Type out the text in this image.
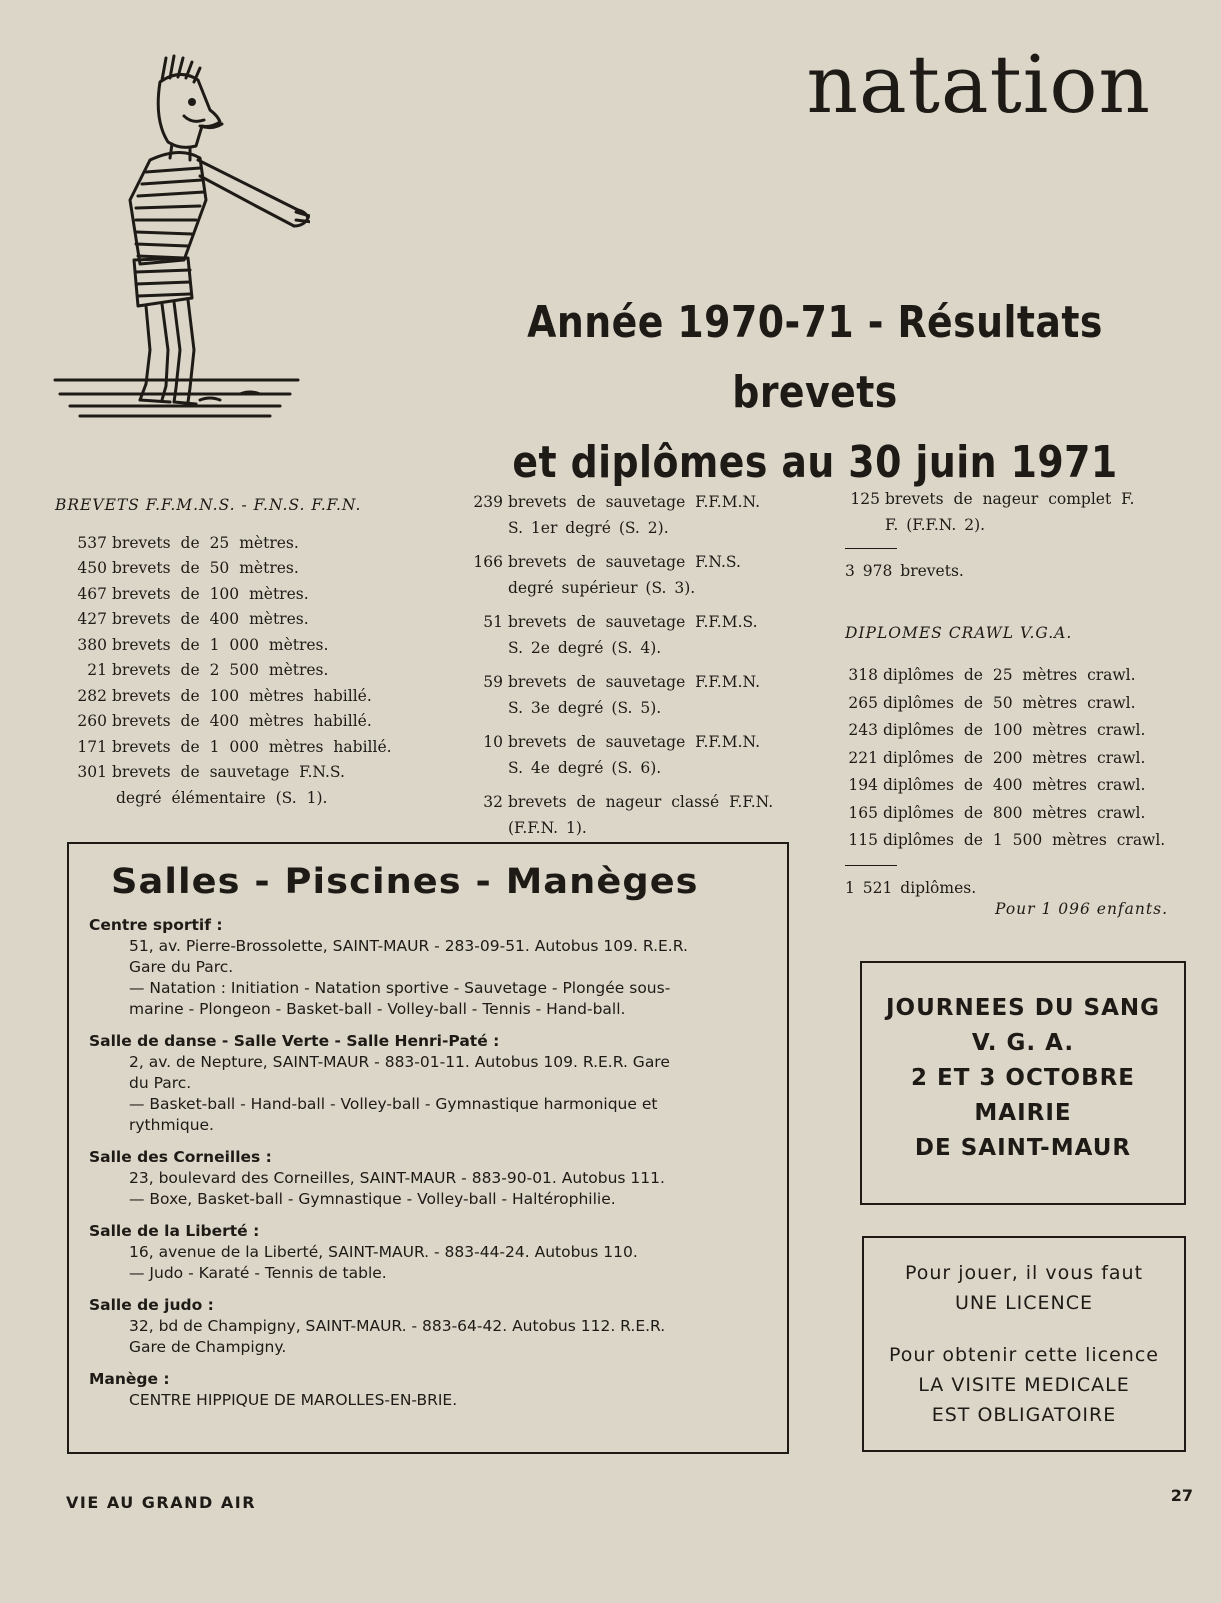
natation
Année 1970-71 - Résultats brevets
et diplômes au 30 juin 1971
BREVETS F.F.M.N.S. - F.N.S. F.F.N.
537 brevets de 25 mètres.
450 brevets de 50 mètres.
467 brevets de 100 mètres.
427 brevets de 400 mètres.
380 brevets de 1 000 mètres.
21 brevets de 2 500 mètres.
282 brevets de 100 mètres habillé.
260 brevets de 400 mètres habillé.
171 brevets de 1 000 mètres habillé.
301 brevets de sauvetage F.N.S.
degré élémentaire (S. 1).
239 brevets de sauvetage F.F.M.N.
S. 1er degré (S. 2).
166 brevets de sauvetage F.N.S.
degré supérieur (S. 3).
51 brevets de sauvetage F.F.M.S.
S. 2e degré (S. 4).
59 brevets de sauvetage F.F.M.N.
S. 3e degré (S. 5).
10 brevets de sauvetage F.F.M.N.
S. 4e degré (S. 6).
32 brevets de nageur classé F.F.N.
(F.F.N. 1).
125 brevets de nageur complet F.
F. (F.F.N. 2).
3 978 brevets.
DIPLOMES CRAWL V.G.A.
318 diplômes de 25 mètres crawl.
265 diplômes de 50 mètres crawl.
243 diplômes de 100 mètres crawl.
221 diplômes de 200 mètres crawl.
194 diplômes de 400 mètres crawl.
165 diplômes de 800 mètres crawl.
115 diplômes de 1 500 mètres crawl.
1 521 diplômes.
Pour 1 096 enfants.
Salles - Piscines - Manèges
Centre sportif :
51, av. Pierre-Brossolette, SAINT-MAUR - 283-09-51. Autobus 109. R.E.R.
Gare du Parc.
— Natation : Initiation - Natation sportive - Sauvetage - Plongée sous-
marine - Plongeon - Basket-ball - Volley-ball - Tennis - Hand-ball.
Salle de danse - Salle Verte - Salle Henri-Paté :
2, av. de Nepture, SAINT-MAUR - 883-01-11. Autobus 109. R.E.R. Gare
du Parc.
— Basket-ball - Hand-ball - Volley-ball - Gymnastique harmonique et
rythmique.
Salle des Corneilles :
23, boulevard des Corneilles, SAINT-MAUR - 883-90-01. Autobus 111.
— Boxe, Basket-ball - Gymnastique - Volley-ball - Haltérophilie.
Salle de la Liberté :
16, avenue de la Liberté, SAINT-MAUR. - 883-44-24. Autobus 110.
— Judo - Karaté - Tennis de table.
Salle de judo :
32, bd de Champigny, SAINT-MAUR. - 883-64-42. Autobus 112. R.E.R.
Gare de Champigny.
Manège :
CENTRE HIPPIQUE DE MAROLLES-EN-BRIE.
JOURNEES DU SANG
V. G. A.
2 ET 3 OCTOBRE
MAIRIE
DE SAINT-MAUR
Pour jouer, il vous faut
UNE LICENCE
Pour obtenir cette licence
LA VISITE MEDICALE
EST OBLIGATOIRE
VIE AU GRAND AIR	27
